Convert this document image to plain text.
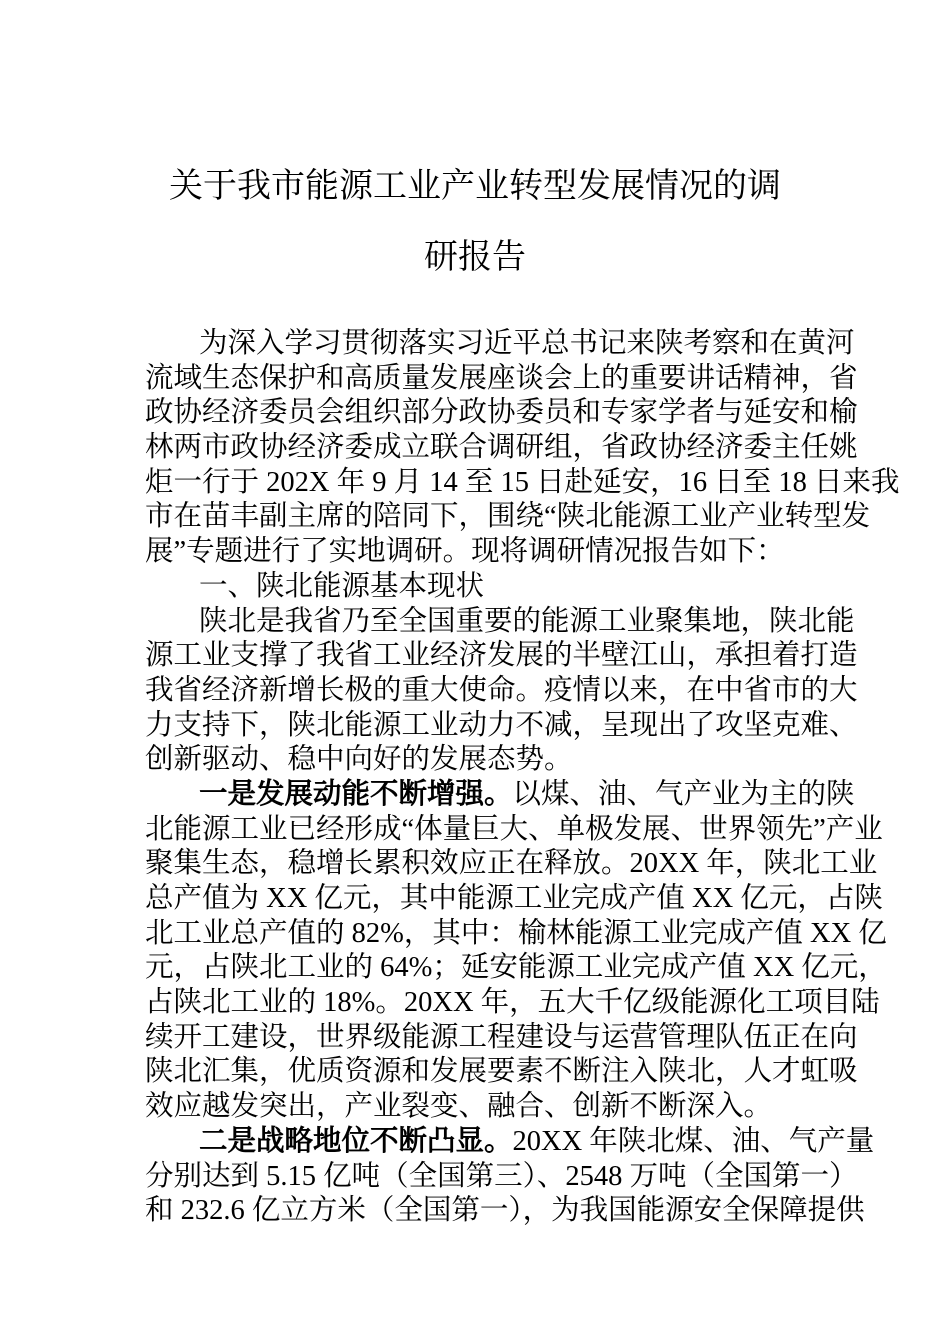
关于我市能源工业产业转型发展情况的调
研报告
为深入学习贯彻落实习近平总书记来陕考察和在黄河
流域生态保护和高质量发展座谈会上的重要讲话精神，省
政协经济委员会组织部分政协委员和专家学者与延安和榆
林两市政协经济委成立联合调研组，省政协经济委主任姚
炬一行于 202X 年 9 月 14 至 15 日赴延安，16 日至 18 日来我
市在苗丰副主席的陪同下，围绕“陕北能源工业产业转型发
展”专题进行了实地调研。现将调研情况报告如下：
一、陕北能源基本现状
陕北是我省乃至全国重要的能源工业聚集地，陕北能
源工业支撑了我省工业经济发展的半壁江山，承担着打造
我省经济新增长极的重大使命。疫情以来，在中省市的大
力支持下，陕北能源工业动力不减，呈现出了攻坚克难、
创新驱动、稳中向好的发展态势。
一是发展动能不断增强。以煤、油、气产业为主的陕
北能源工业已经形成“体量巨大、单极发展、世界领先”产业
聚集生态，稳增长累积效应正在释放。20XX 年，陕北工业
总产值为 XX 亿元，其中能源工业完成产值 XX 亿元，占陕
北工业总产值的 82%，其中：榆林能源工业完成产值 XX 亿
元，占陕北工业的 64%；延安能源工业完成产值 XX 亿元，
占陕北工业的 18%。20XX 年，五大千亿级能源化工项目陆
续开工建设，世界级能源工程建设与运营管理队伍正在向
陕北汇集，优质资源和发展要素不断注入陕北，人才虹吸
效应越发突出，产业裂变、融合、创新不断深入。
二是战略地位不断凸显。20XX 年陕北煤、油、气产量
分别达到 5.15 亿吨（全国第三）、2548 万吨（全国第一）
和 232.6 亿立方米（全国第一），为我国能源安全保障提供
